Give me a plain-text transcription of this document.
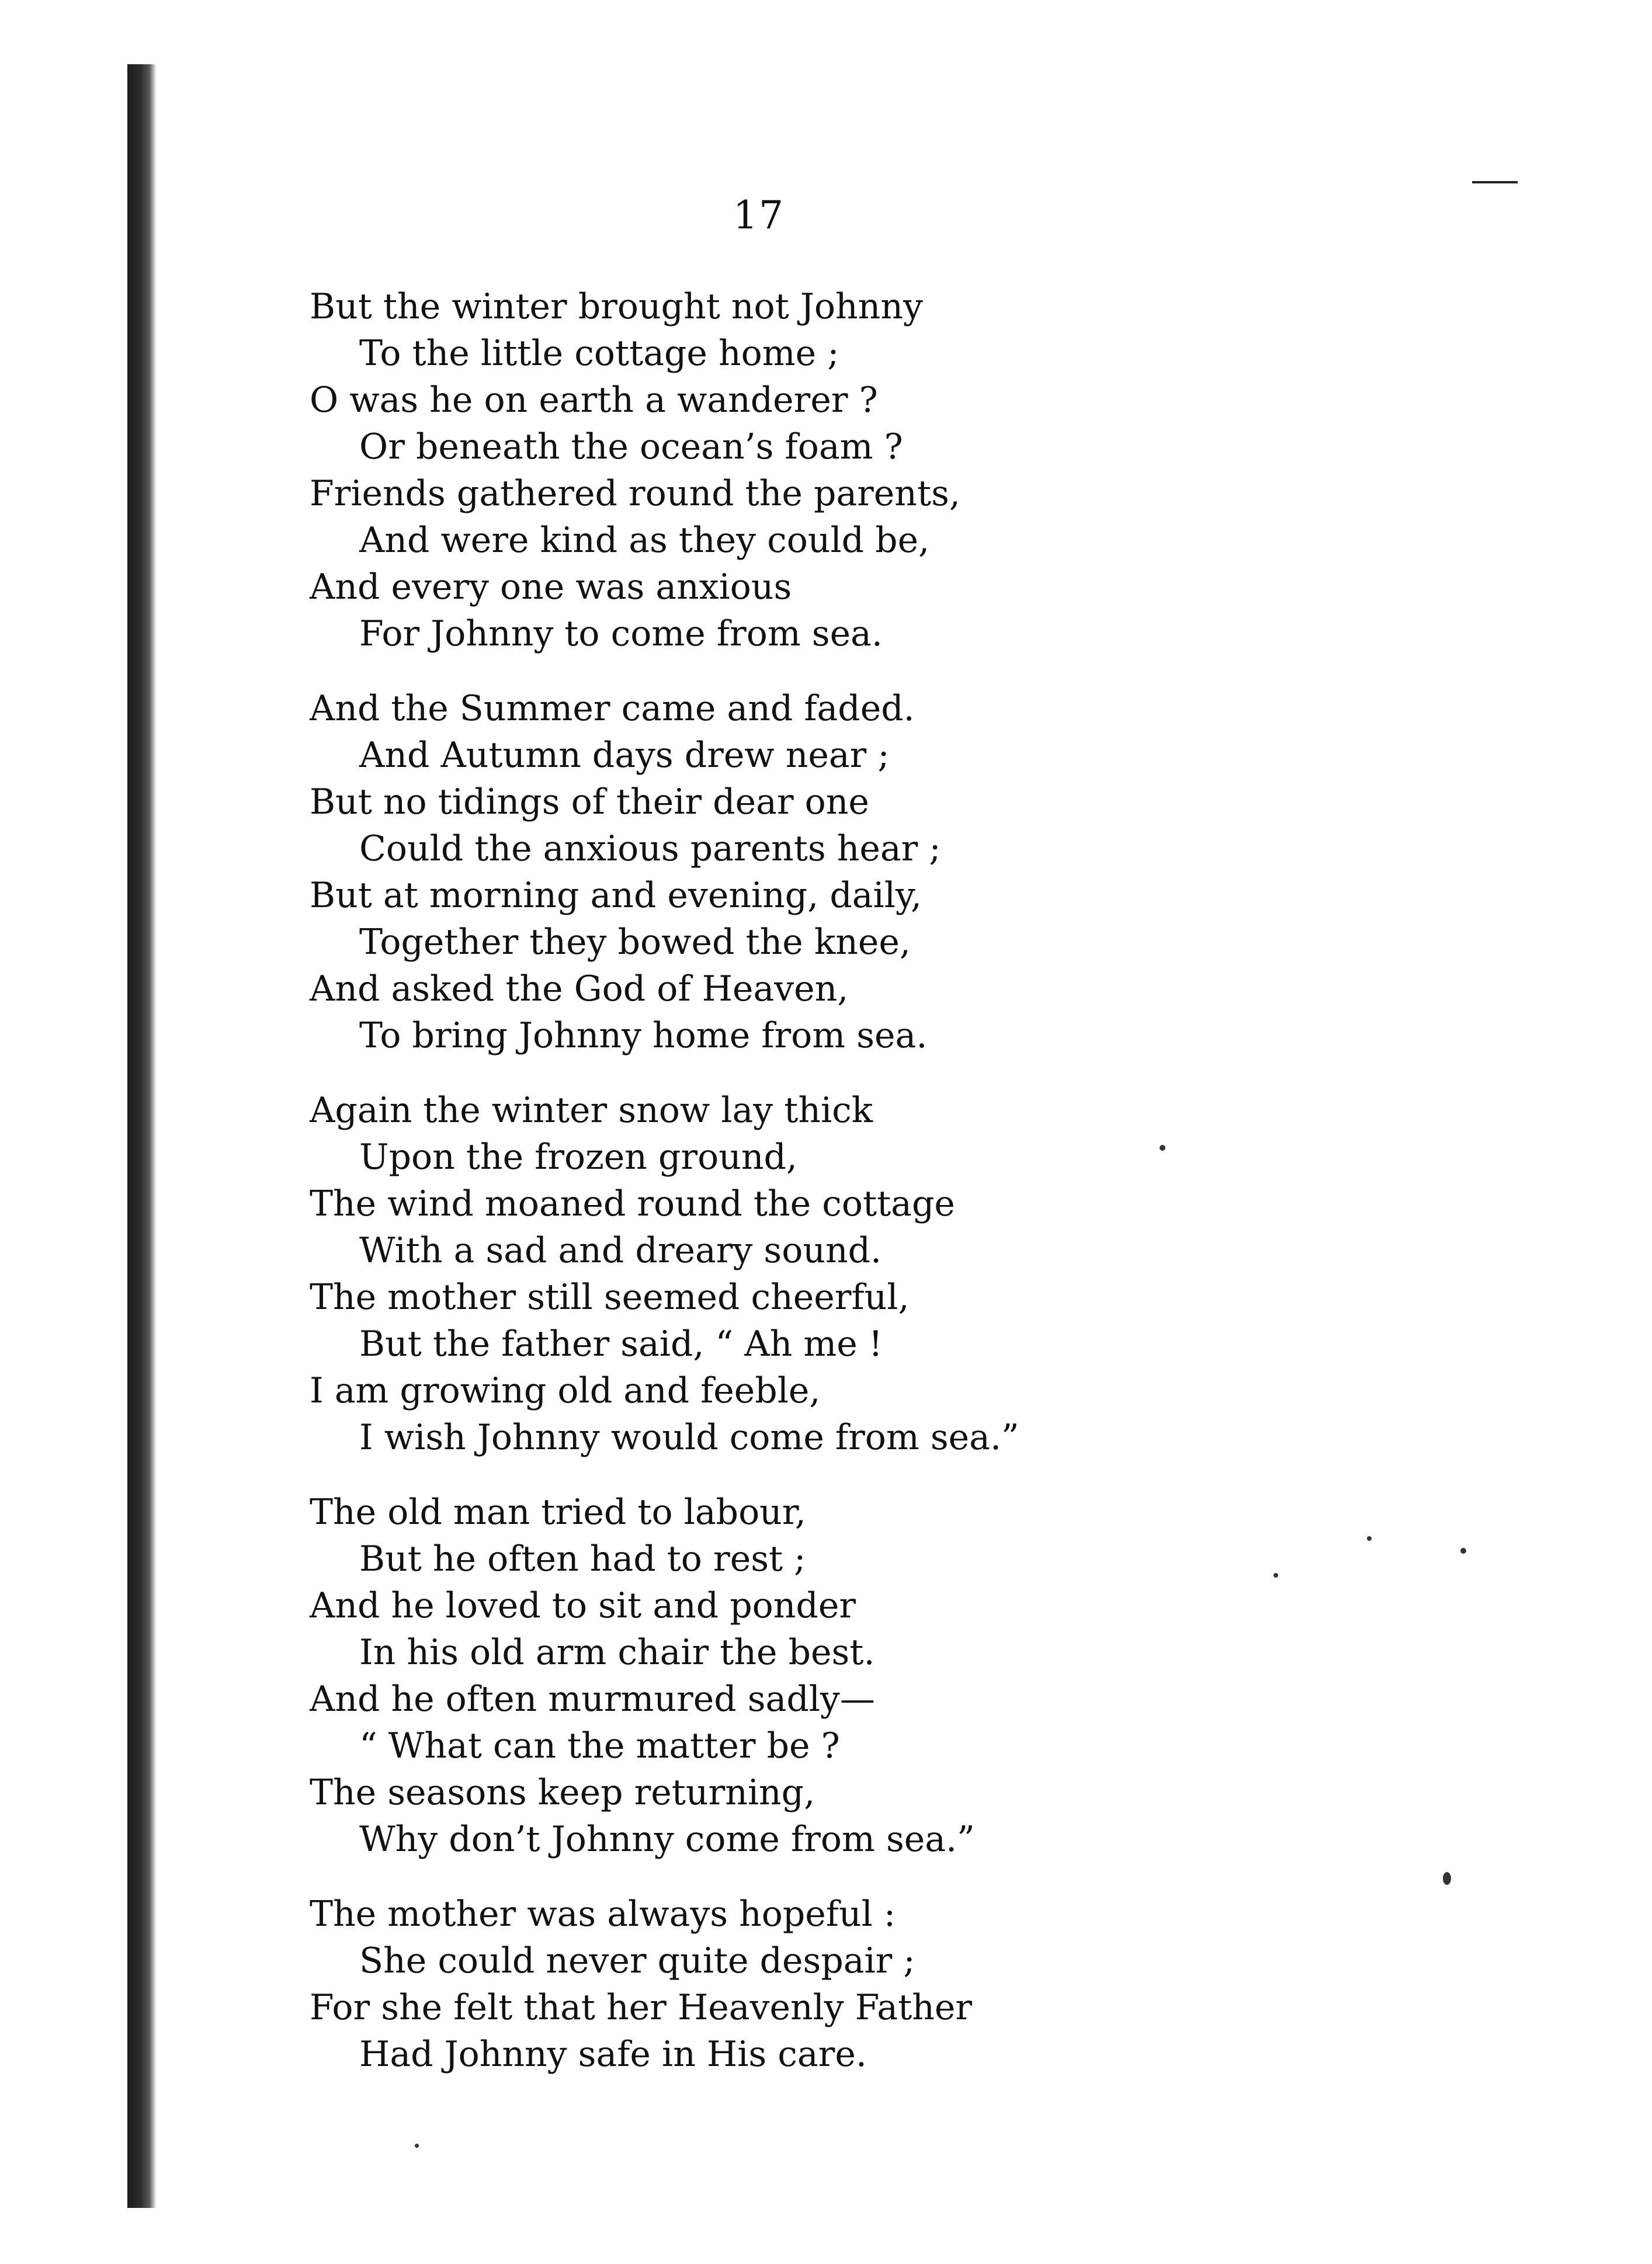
17
But the winter brought not Johnny
To the little cottage home ;
O was he on earth a wanderer ?
Or beneath the ocean’s foam ?
Friends gathered round the parents,
And were kind as they could be,
And every one was anxious
For Johnny to come from sea.
And the Summer came and faded.
And Autumn days drew near ;
But no tidings of their dear one
Could the anxious parents hear ;
But at morning and evening, daily,
Together they bowed the knee,
And asked the God of Heaven,
To bring Johnny home from sea.
Again the winter snow lay thick
Upon the frozen ground,
The wind moaned round the cottage
With a sad and dreary sound.
The mother still seemed cheerful,
But the father said, “ Ah me !
I am growing old and feeble,
I wish Johnny would come from sea.”
The old man tried to labour,
But he often had to rest ;
And he loved to sit and ponder
In his old arm chair the best.
And he often murmured sadly—
“ What can the matter be ?
The seasons keep returning,
Why don’t Johnny come from sea.”
The mother was always hopeful :
She could never quite despair ;
For she felt that her Heavenly Father
Had Johnny safe in His care.
